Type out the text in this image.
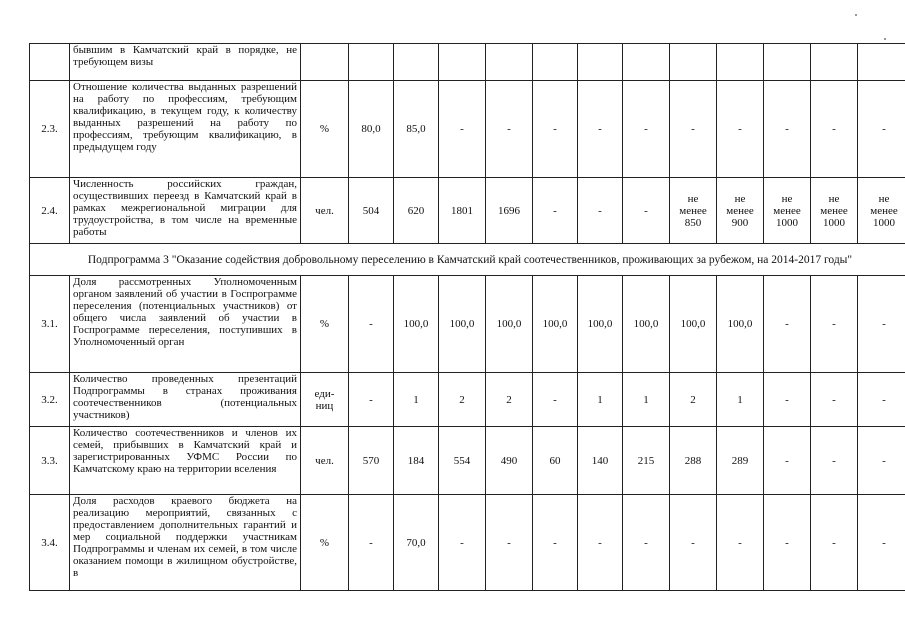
	бывшим в Камчатский край в порядке, не требующем визы													
2.3.	Отношение количества выданных разрешений на работу по профессиям, требующим квалификацию, в текущем году, к количеству выданных разрешений на работу по профессиям, требующим квалификацию, в предыдущем году	%	80,0	85,0	-	-	-	-	-	-	-	-	-	-
2.4.	Численность российских граждан, осуществивших переезд в Камчатский край в рамках межрегиональной миграции для трудоустройства, в том числе на временные работы	чел.	504	620	1801	1696	-	-	-	не
менее
850	не
менее
900	не
менее
1000	не
менее
1000	не
менее
1000
Подпрограмма 3 "Оказание содействия добровольному переселению в Камчатский край соотечественников, проживающих за рубежом, на 2014-2017 годы"														
3.1.	Доля рассмотренных Уполномоченным органом заявлений об участии в Госпрограмме переселения (потенциальных участников) от общего числа заявлений об участии в Госпрограмме переселения, поступивших в Уполномоченный орган	%	-	100,0	100,0	100,0	100,0	100,0	100,0	100,0	100,0	-	-	-
3.2.	Количество проведенных презентаций Подпрограммы в странах проживания соотечественников (потенциальных участников)	еди-
ниц	-	1	2	2	-	1	1	2	1	-	-	-
3.3.	Количество соотечественников и членов их семей, прибывших в Камчатский край и зарегистрированных УФМС России по Камчатскому краю на территории вселения	чел.	570	184	554	490	60	140	215	288	289	-	-	-
3.4.	Доля расходов краевого бюджета на реализацию мероприятий, связанных с предоставлением дополнительных гарантий и мер социальной поддержки участникам Подпрограммы и членам их семей, в том числе оказанием помощи в жилищном обустройстве, в	%	-	70,0	-	-	-	-	-	-	-	-	-	-
